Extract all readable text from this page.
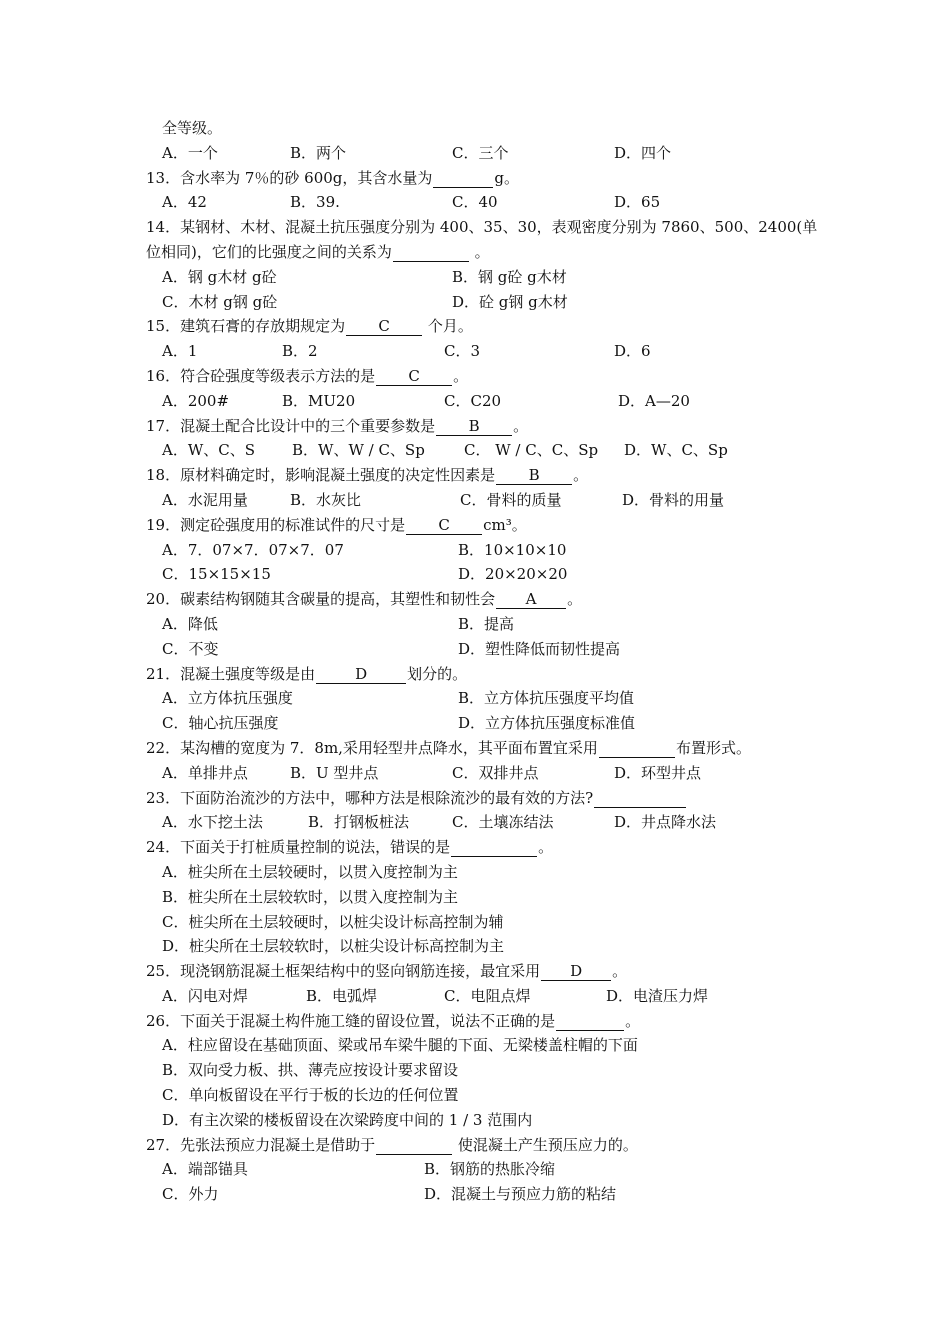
全等级。
A．一个	B．两个	C．三个	D．四个
13．含水率为 7％的砂 600g，其含水量为	g。
A．42	B．39.	C．40	D．65
14．某钢材、木材、混凝土抗压强度分别为 400、35、30，表观密度分别为 7860、500、2400(单
位相同)，它们的比强度之间的关系为	。
A．钢 g木材 g砼	B．钢 g砼 g木材
C．木材 g钢 g砼	D．砼 g钢 g木材
15．建筑石膏的存放期规定为 C 个月。
A．1	B．2	C．3	D．6
16．符合砼强度等级表示方法的是 C 。
A．200#	B．MU20	C．C20	D．A—20
17．混凝土配合比设计中的三个重要参数是 B 。
A．W、C、S B．W、W / C、Sp	C． W / C、C、Sp D．W、C、Sp
18．原材料确定时，影响混凝土强度的决定性因素是 B 。
A．水泥用量	B．水灰比	C．骨料的质量	D．骨料的用量
19．测定砼强度用的标准试件的尺寸是 C cm³。
A．7．07×7．07×7．07	B．10×10×10
C．15×15×15	D．20×20×20
20．碳素结构钢随其含碳量的提高，其塑性和韧性会 A 。
A．降低	B．提高
C．不变	D．塑性降低而韧性提高
21．混凝土强度等级是由	D	划分的。
A．立方体抗压强度	B．立方体抗压强度平均值
C．轴心抗压强度	D．立方体抗压强度标准值
22．某沟槽的宽度为 7．8m,采用轻型井点降水，其平面布置宜采用	布置形式。
A．单排井点	B．U 型井点	C．双排井点	D．环型井点
23．下面防治流沙的方法中，哪种方法是根除流沙的最有效的方法?
A．水下挖土法	B．打钢板桩法	C．土壤冻结法	D．井点降水法
24．下面关于打桩质量控制的说法，错误的是	。
A．桩尖所在土层较硬时，以贯入度控制为主
B．桩尖所在土层较软时，以贯入度控制为主
C．桩尖所在土层较硬时，以桩尖设计标高控制为辅
D．桩尖所在土层较软时，以桩尖设计标高控制为主
25．现浇钢筋混凝土框架结构中的竖向钢筋连接，最宜采用 D 。
A．闪电对焊	B．电弧焊	C．电阻点焊	D．电渣压力焊
26．下面关于混凝土构件施工缝的留设位置，说法不正确的是	。
A．柱应留设在基础顶面、梁或吊车梁牛腿的下面、无梁楼盖柱帽的下面
B．双向受力板、拱、薄壳应按设计要求留设
C．单向板留设在平行于板的长边的任何位置
D．有主次梁的楼板留设在次梁跨度中间的 1 / 3 范围内
27．先张法预应力混凝土是借助于	使混凝土产生预压应力的。
A．端部锚具	B．钢筋的热胀冷缩
C．外力	D．混凝土与预应力筋的粘结
